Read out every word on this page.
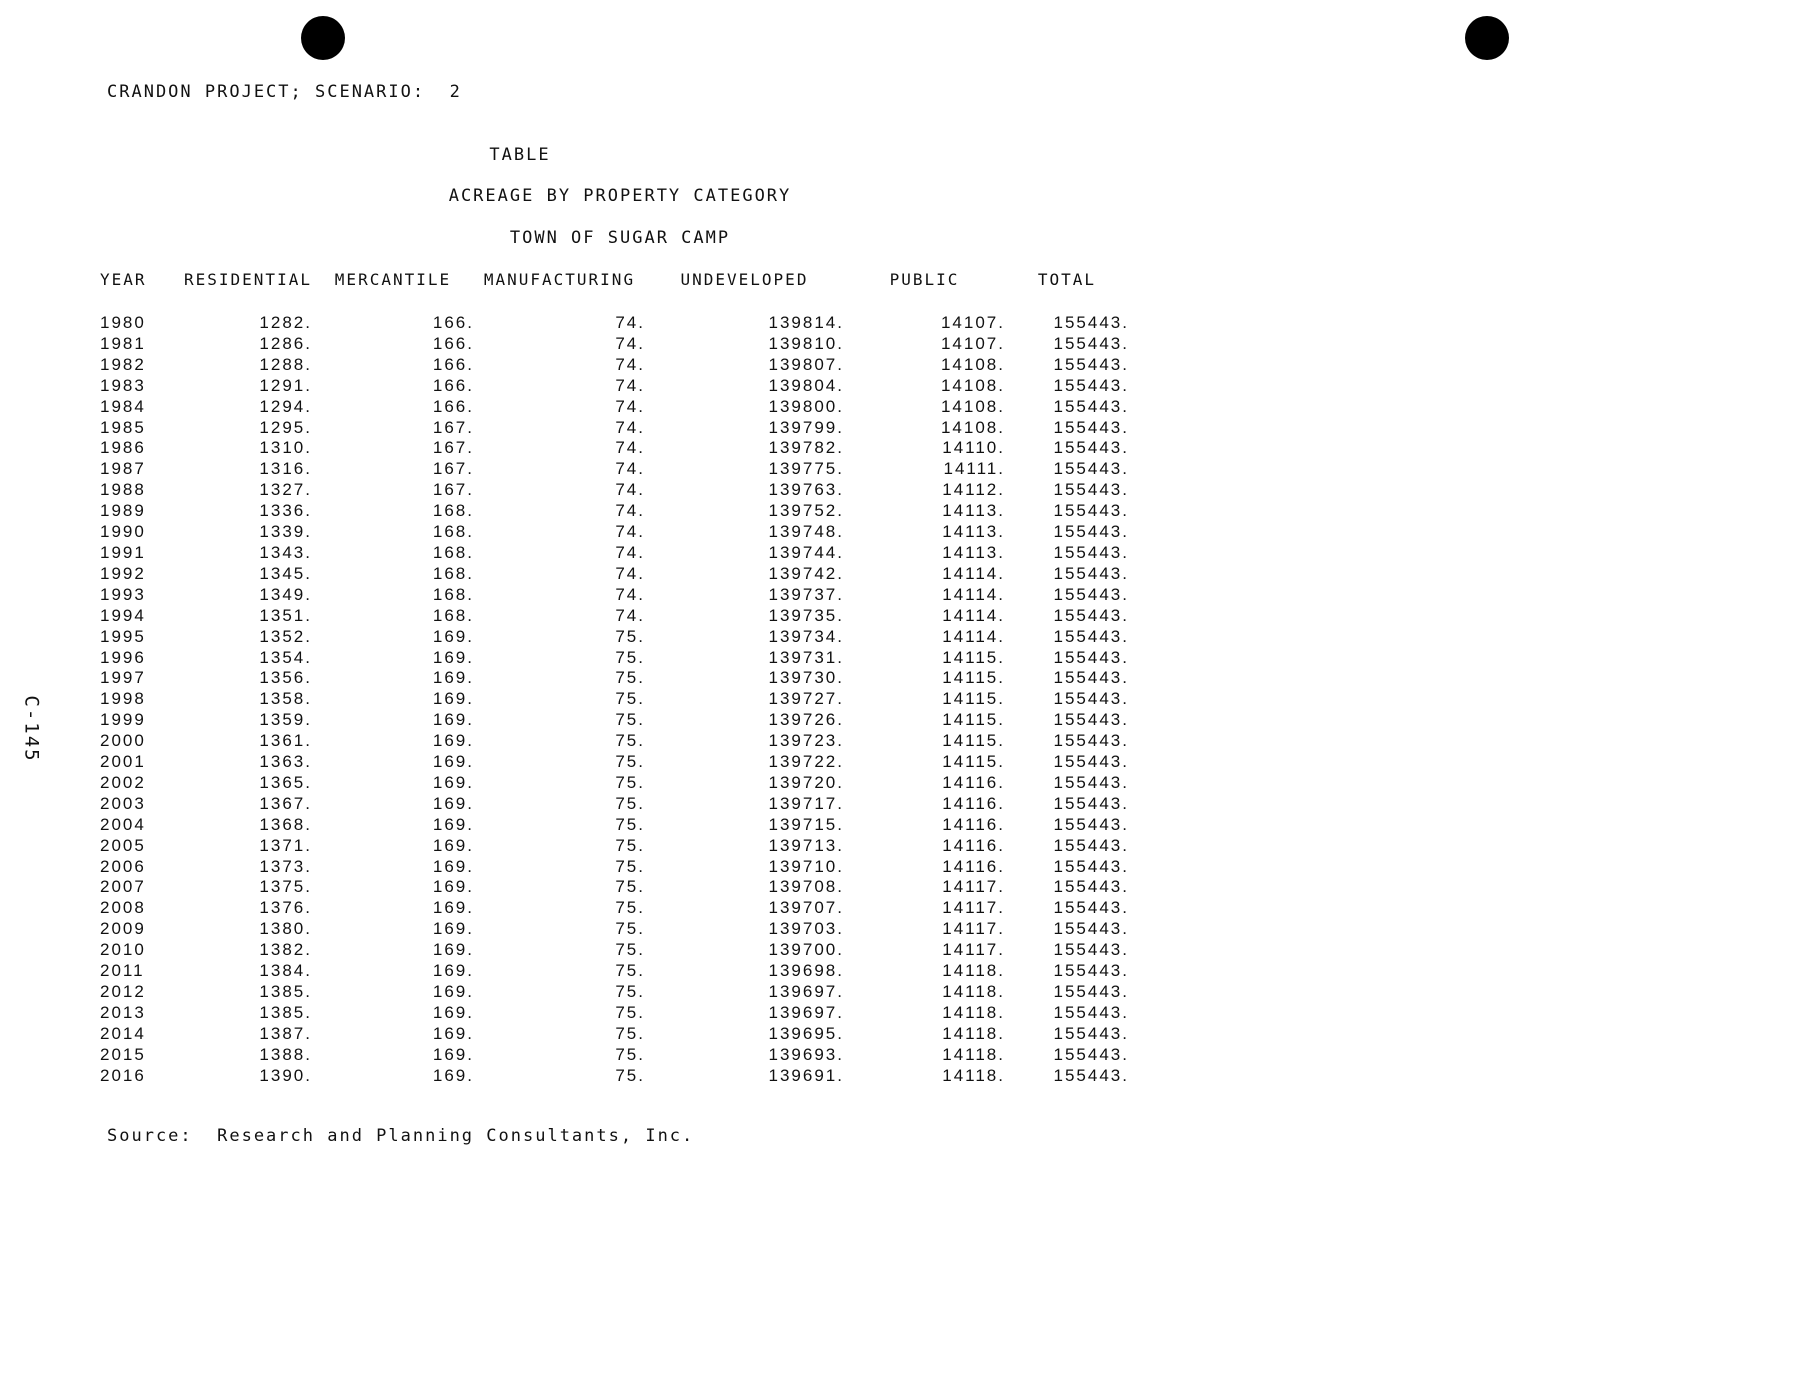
CRANDON PROJECT; SCENARIO:  2
TABLE
ACREAGE BY PROPERTY CATEGORY
TOWN OF SUGAR CAMP
C-145
YEAR	RESIDENTIAL	MERCANTILE	MANUFACTURING	UNDEVELOPED	PUBLIC	TOTAL
1980	1282.	166.	74.	139814.	14107.	155443.
1981	1286.	166.	74.	139810.	14107.	155443.
1982	1288.	166.	74.	139807.	14108.	155443.
1983	1291.	166.	74.	139804.	14108.	155443.
1984	1294.	166.	74.	139800.	14108.	155443.
1985	1295.	167.	74.	139799.	14108.	155443.
1986	1310.	167.	74.	139782.	14110.	155443.
1987	1316.	167.	74.	139775.	14111.	155443.
1988	1327.	167.	74.	139763.	14112.	155443.
1989	1336.	168.	74.	139752.	14113.	155443.
1990	1339.	168.	74.	139748.	14113.	155443.
1991	1343.	168.	74.	139744.	14113.	155443.
1992	1345.	168.	74.	139742.	14114.	155443.
1993	1349.	168.	74.	139737.	14114.	155443.
1994	1351.	168.	74.	139735.	14114.	155443.
1995	1352.	169.	75.	139734.	14114.	155443.
1996	1354.	169.	75.	139731.	14115.	155443.
1997	1356.	169.	75.	139730.	14115.	155443.
1998	1358.	169.	75.	139727.	14115.	155443.
1999	1359.	169.	75.	139726.	14115.	155443.
2000	1361.	169.	75.	139723.	14115.	155443.
2001	1363.	169.	75.	139722.	14115.	155443.
2002	1365.	169.	75.	139720.	14116.	155443.
2003	1367.	169.	75.	139717.	14116.	155443.
2004	1368.	169.	75.	139715.	14116.	155443.
2005	1371.	169.	75.	139713.	14116.	155443.
2006	1373.	169.	75.	139710.	14116.	155443.
2007	1375.	169.	75.	139708.	14117.	155443.
2008	1376.	169.	75.	139707.	14117.	155443.
2009	1380.	169.	75.	139703.	14117.	155443.
2010	1382.	169.	75.	139700.	14117.	155443.
2011	1384.	169.	75.	139698.	14118.	155443.
2012	1385.	169.	75.	139697.	14118.	155443.
2013	1385.	169.	75.	139697.	14118.	155443.
2014	1387.	169.	75.	139695.	14118.	155443.
2015	1388.	169.	75.	139693.	14118.	155443.
2016	1390.	169.	75.	139691.	14118.	155443.
Source:  Research and Planning Consultants, Inc.
